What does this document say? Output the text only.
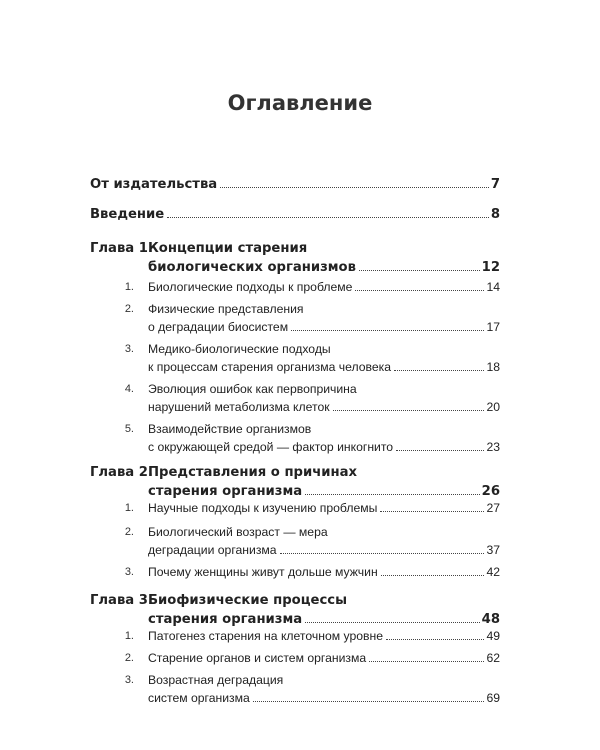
Оглавление
От издательства	7
Введение	8
Глава 1.
Концепции старения
биологических организмов	12
1. Биологические подходы к проблеме	14
2. Физические представления
о деградации биосистем	17
3. Медико-биологические подходы
к процессам старения организма человека	18
4. Эволюция ошибок как первопричина
нарушений метаболизма клеток	20
5. Взаимодействие организмов
с окружающей средой — фактор инкогнито	23
Глава 2.
Представления о причинах
старения организма	26
1. Научные подходы к изучению проблемы	27
2. Биологический возраст — мера
деградации организма	37
3. Почему женщины живут дольше мужчин	42
Глава 3.
Биофизические процессы
старения организма	48
1. Патогенез старения на клеточном уровне	49
2. Старение органов и систем организма	62
3. Возрастная деградация
систем организма	69
